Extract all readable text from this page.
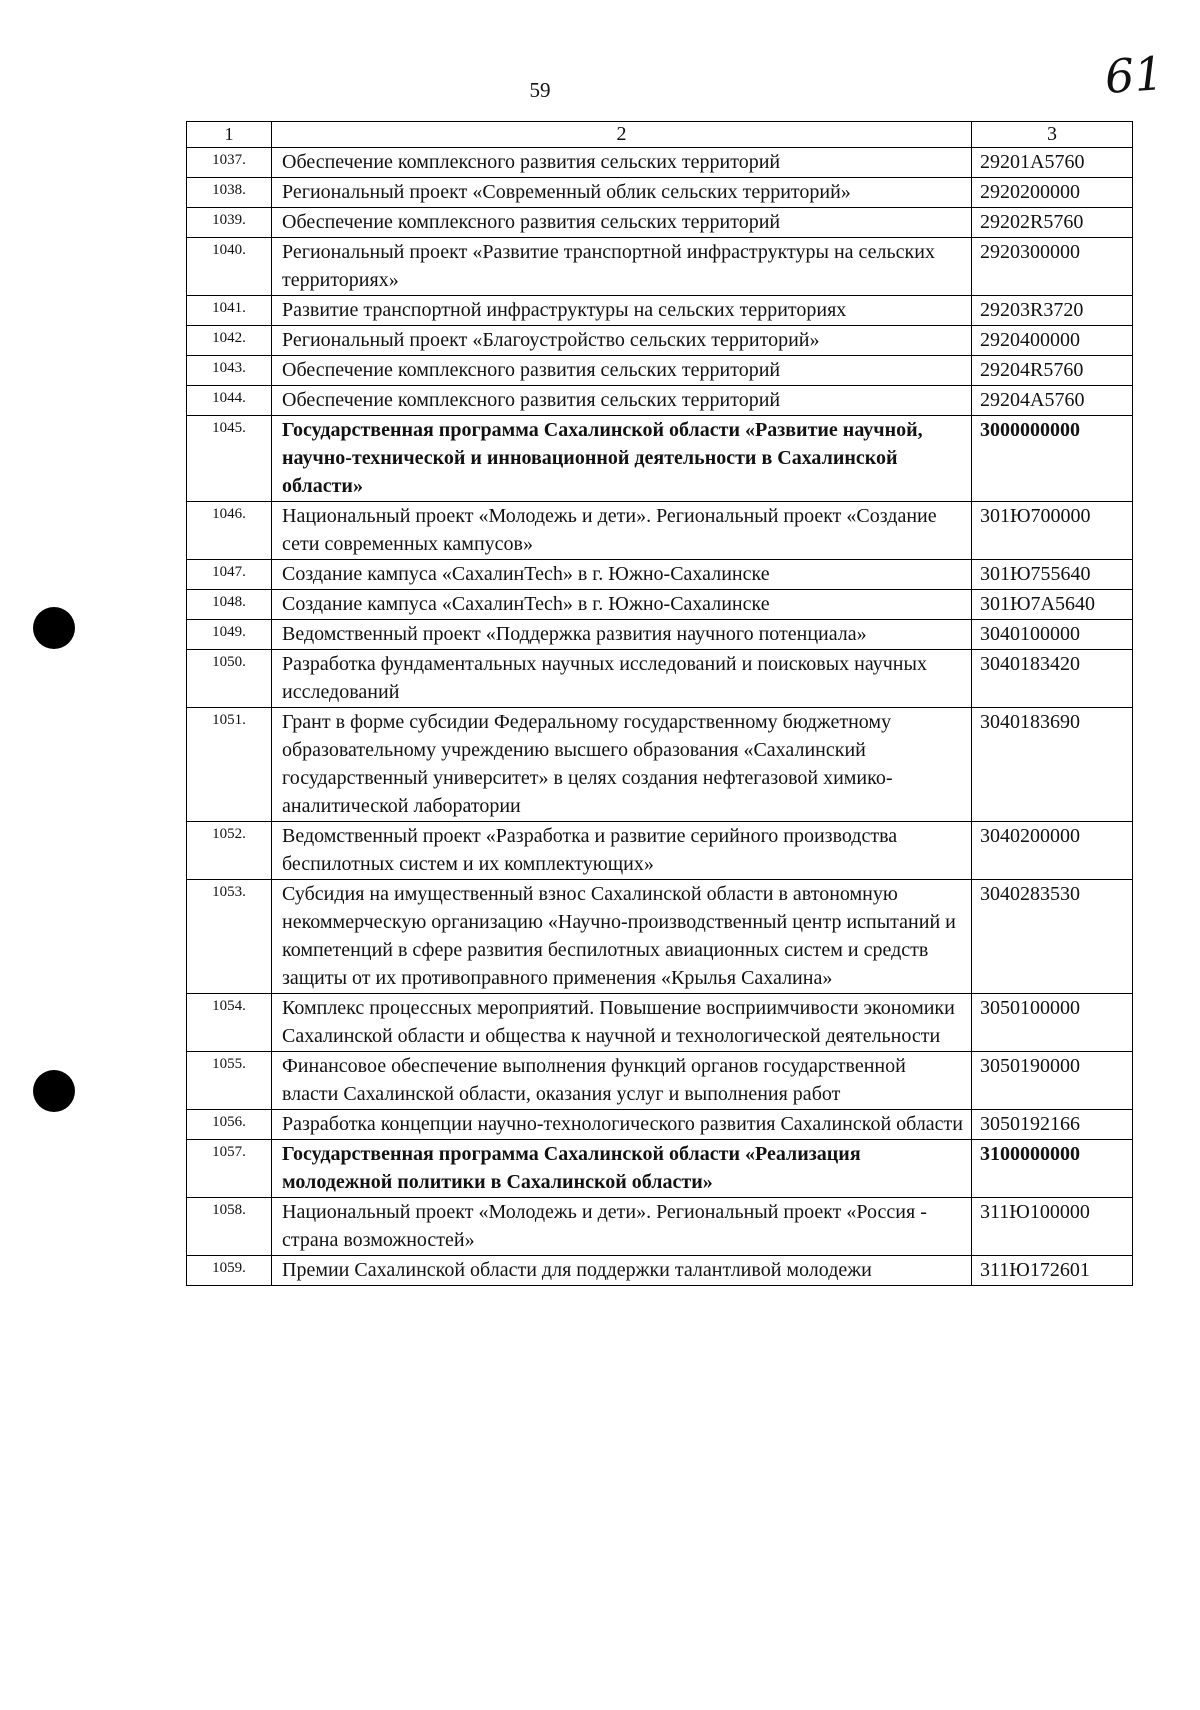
59	61
1	2	3
1037.	Обеспечение комплексного развития сельских территорий	29201A5760
1038.	Региональный проект «Современный облик сельских территорий»	2920200000
1039.	Обеспечение комплексного развития сельских территорий	29202R5760
1040.	Региональный проект «Развитие транспортной инфраструктуры на сельских территориях»	2920300000
1041.	Развитие транспортной инфраструктуры на сельских территориях	29203R3720
1042.	Региональный проект «Благоустройство сельских территорий»	2920400000
1043.	Обеспечение комплексного развития сельских территорий	29204R5760
1044.	Обеспечение комплексного развития сельских территорий	29204A5760
1045.	Государственная программа Сахалинской области «Развитие научной, научно-технической и инновационной деятельности в Сахалинской области»	3000000000
1046.	Национальный проект «Молодежь и дети». Региональный проект «Создание сети современных кампусов»	301Ю700000
1047.	Создание кампуса «СахалинTech» в г. Южно-Сахалинске	301Ю755640
1048.	Создание кампуса «СахалинTech» в г. Южно-Сахалинске	301Ю7A5640
1049.	Ведомственный проект «Поддержка развития научного потенциала»	3040100000
1050.	Разработка фундаментальных научных исследований и поисковых научных исследований	3040183420
1051.	Грант в форме субсидии Федеральному государственному бюджетному образовательному учреждению высшего образования «Сахалинский государственный университет» в целях создания нефтегазовой химико-аналитической лаборатории	3040183690
1052.	Ведомственный проект «Разработка и развитие серийного производства беспилотных систем и их комплектующих»	3040200000
1053.	Субсидия на имущественный взнос Сахалинской области в автономную некоммерческую организацию «Научно-производственный центр испытаний и компетенций в сфере развития беспилотных авиационных систем и средств защиты от их противоправного применения «Крылья Сахалина»	3040283530
1054.	Комплекс процессных мероприятий. Повышение восприимчивости экономики Сахалинской области и общества к научной и технологической деятельности	3050100000
1055.	Финансовое обеспечение выполнения функций органов государственной власти Сахалинской области, оказания услуг и выполнения работ	3050190000
1056.	Разработка концепции научно-технологического развития Сахалинской области	3050192166
1057.	Государственная программа Сахалинской области «Реализация молодежной политики в Сахалинской области»	3100000000
1058.	Национальный проект «Молодежь и дети». Региональный проект «Россия - страна возможностей»	311Ю100000
1059.	Премии Сахалинской области для поддержки талантливой молодежи	311Ю172601
